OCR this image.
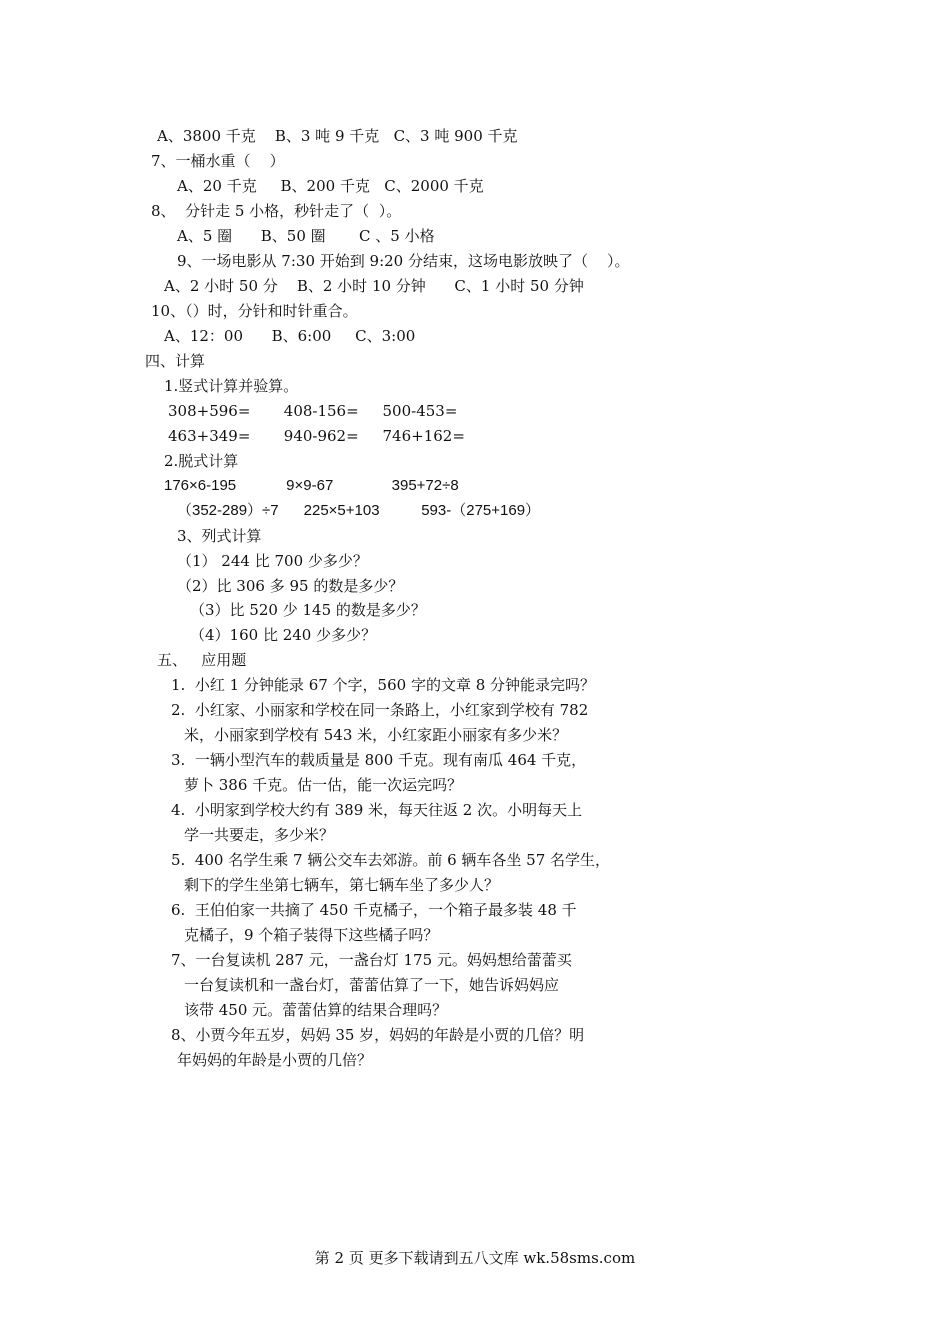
A、3800 千克    B、3 吨 9 千克   C、3 吨 900 千克
7、一桶水重（    ）
A、20 千克     B、200 千克   C、2000 千克
8、  分针走 5 小格，秒针走了（  ）。
A、5 圈      B、50 圈       C 、5 小格
9、一场电影从 7:30 开始到 9:20 分结束，这场电影放映了（    ）。
A、2 小时 50 分    B、2 小时 10 分钟      C、1 小时 50 分钟
10、（）时，分针和时针重合。
A、12：00      B、6:00     C、3:00
四、计算
1.竖式计算并验算。
308+596=       408-156=     500-453=
463+349=       940-962=     746+162=
2.脱式计算
176×6-195            9×9-67              395+72÷8
（352-289）÷7      225×5+103          593-（275+169）
3、列式计算
（1） 244 比 700 少多少？
（2）比 306 多 95 的数是多少？
（3）比 520 少 145 的数是多少？
（4）160 比 240 少多少？
五、   应用题
1.  小红 1 分钟能录 67 个字，560 字的文章 8 分钟能录完吗？
2.  小红家、小丽家和学校在同一条路上，小红家到学校有 782
米，小丽家到学校有 543 米，小红家距小丽家有多少米？
3.  一辆小型汽车的载质量是 800 千克。现有南瓜 464 千克，
萝卜 386 千克。估一估，能一次运完吗？
4.  小明家到学校大约有 389 米，每天往返 2 次。小明每天上
学一共要走，多少米？
5.  400 名学生乘 7 辆公交车去郊游。前 6 辆车各坐 57 名学生，
剩下的学生坐第七辆车，第七辆车坐了多少人？
6.  王伯伯家一共摘了 450 千克橘子，一个箱子最多装 48 千
克橘子，9 个箱子装得下这些橘子吗？
7、一台复读机 287 元，一盏台灯 175 元。妈妈想给蕾蕾买
一台复读机和一盏台灯，蕾蕾估算了一下，她告诉妈妈应
该带 450 元。蕾蕾估算的结果合理吗？
8、小贾今年五岁，妈妈 35 岁，妈妈的年龄是小贾的几倍？明
年妈妈的年龄是小贾的几倍？
第 2 页 更多下载请到五八文库 wk.58sms.com
